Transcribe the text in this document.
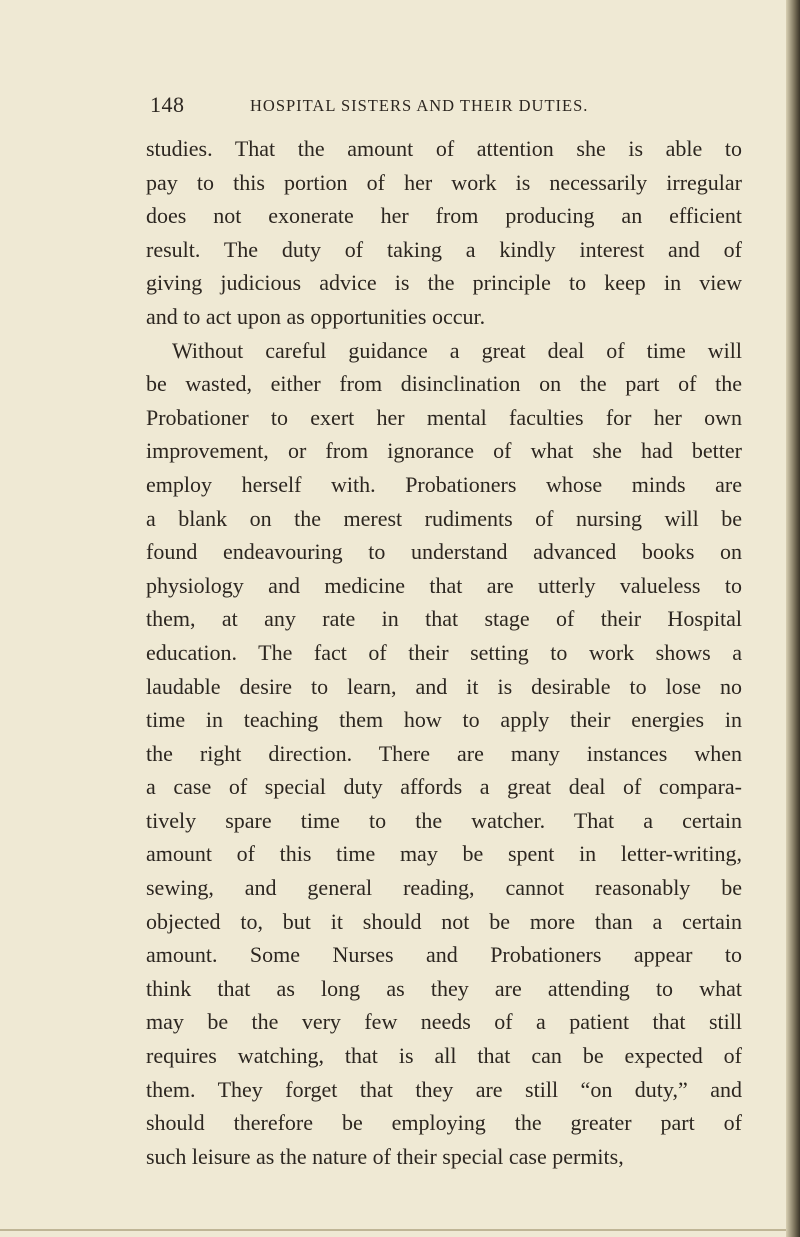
148	HOSPITAL SISTERS AND THEIR DUTIES.
studies. That the amount of attention she is able to
pay to this portion of her work is necessarily irregular
does not exonerate her from producing an efficient
result. The duty of taking a kindly interest and of
giving judicious advice is the principle to keep in view
and to act upon as opportunities occur.
Without careful guidance a great deal of time will
be wasted, either from disinclination on the part of the
Probationer to exert her mental faculties for her own
improvement, or from ignorance of what she had better
employ herself with. Probationers whose minds are
a blank on the merest rudiments of nursing will be
found endeavouring to understand advanced books on
physiology and medicine that are utterly valueless to
them, at any rate in that stage of their Hospital
education. The fact of their setting to work shows a
laudable desire to learn, and it is desirable to lose no
time in teaching them how to apply their energies in
the right direction. There are many instances when
a case of special duty affords a great deal of compara-
tively spare time to the watcher. That a certain
amount of this time may be spent in letter-writing,
sewing, and general reading, cannot reasonably be
objected to, but it should not be more than a certain
amount. Some Nurses and Probationers appear to
think that as long as they are attending to what
may be the very few needs of a patient that still
requires watching, that is all that can be expected of
them. They forget that they are still “on duty,” and
should therefore be employing the greater part of
such leisure as the nature of their special case permits,
